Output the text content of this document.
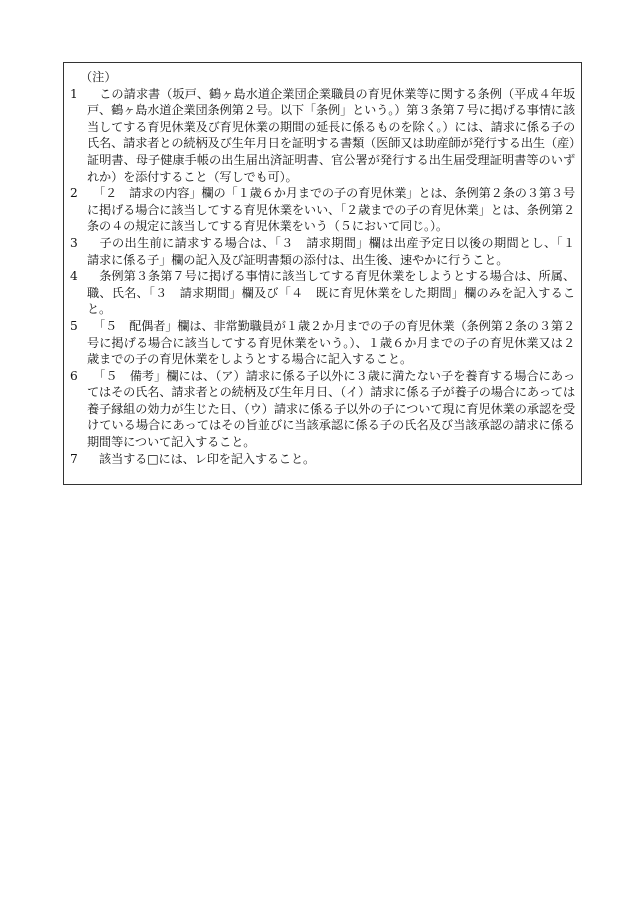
（注）
1 　この請求書（坂戸、鶴ヶ島水道企業団企業職員の育児休業等に関する条例（平成４年坂戸、鶴ヶ島水道企業団条例第２号。以下「条例」という。）第３条第７号に掲げる事情に該当してする育児休業及び育児休業の期間の延長に係るものを除く。）には、請求に係る子の氏名、請求者との続柄及び生年月日を証明する書類（医師又は助産師が発行する出生（産）証明書、母子健康手帳の出生届出済証明書、官公署が発行する出生届受理証明書等のいずれか）を添付すること（写しでも可）。
2 　「２　請求の内容」欄の「１歳６か月までの子の育児休業」とは、条例第２条の３第３号に掲げる場合に該当してする育児休業をいい、「２歳までの子の育児休業」とは、条例第２条の４の規定に該当してする育児休業をいう（５において同じ。）。
3 　子の出生前に請求する場合は、「３　請求期間」欄は出産予定日以後の期間とし、「１　請求に係る子」欄の記入及び証明書類の添付は、出生後、速やかに行うこと。
4 　条例第３条第７号に掲げる事情に該当してする育児休業をしようとする場合は、所属、職、氏名、「３　請求期間」欄及び「４　既に育児休業をした期間」欄のみを記入すること。
5 　「５　配偶者」欄は、非常勤職員が１歳２か月までの子の育児休業（条例第２条の３第２号に掲げる場合に該当してする育児休業をいう。）、１歳６か月までの子の育児休業又は２歳までの子の育児休業をしようとする場合に記入すること。
6 　「５　備考」欄には、（ア）請求に係る子以外に３歳に満たない子を養育する場合にあってはその氏名、請求者との続柄及び生年月日、（イ）請求に係る子が養子の場合にあっては養子縁組の効力が生じた日、（ウ）請求に係る子以外の子について現に育児休業の承認を受けている場合にあってはその旨並びに当該承認に係る子の氏名及び当該承認の請求に係る期間等について記入すること。
7 　該当する□には、レ印を記入すること。
